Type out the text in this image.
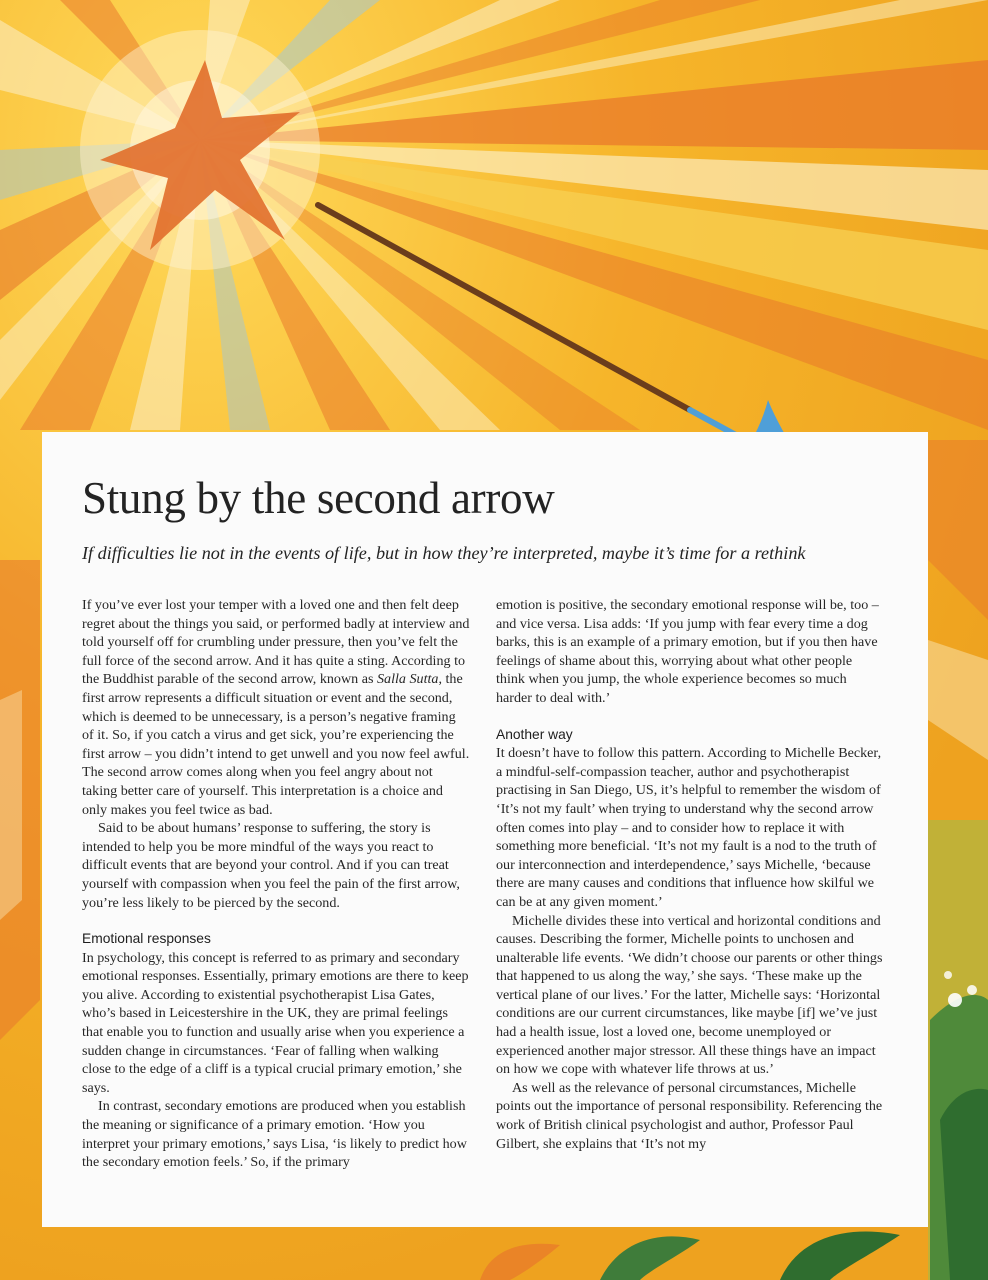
Stung by the second arrow

If difficulties lie not in the events of life, but in how they’re interpreted, maybe it’s time for a rethink

If you’ve ever lost your temper with a loved one and then felt deep regret about the things you said, or performed badly at interview and told yourself off for crumbling under pressure, then you’ve felt the full force of the second arrow. And it has quite a sting. According to the Buddhist parable of the second arrow, known as Salla Sutta, the first arrow represents a difficult situation or event and the second, which is deemed to be unnecessary, is a person’s negative framing of it. So, if you catch a virus and get sick, you’re experiencing the first arrow – you didn’t intend to get unwell and you now feel awful. The second arrow comes along when you feel angry about not taking better care of yourself. This interpretation is a choice and only makes you feel twice as bad.

Said to be about humans’ response to suffering, the story is intended to help you be more mindful of the ways you react to difficult events that are beyond your control. And if you can treat yourself with compassion when you feel the pain of the first arrow, you’re less likely to be pierced by the second.

Emotional responses

In psychology, this concept is referred to as primary and secondary emotional responses. Essentially, primary emotions are there to keep you alive. According to existential psychotherapist Lisa Gates, who’s based in Leicestershire in the UK, they are primal feelings that enable you to function and usually arise when you experience a sudden change in circumstances. ‘Fear of falling when walking close to the edge of a cliff is a typical crucial primary emotion,’ she says.

In contrast, secondary emotions are produced when you establish the meaning or significance of a primary emotion. ‘How you interpret your primary emotions,’ says Lisa, ‘is likely to predict how the secondary emotion feels.’ So, if the primary

emotion is positive, the secondary emotional response will be, too – and vice versa. Lisa adds: ‘If you jump with fear every time a dog barks, this is an example of a primary emotion, but if you then have feelings of shame about this, worrying about what other people think when you jump, the whole experience becomes so much harder to deal with.’

Another way

It doesn’t have to follow this pattern. According to Michelle Becker, a mindful-self-compassion teacher, author and psychotherapist practising in San Diego, US, it’s helpful to remember the wisdom of ‘It’s not my fault’ when trying to understand why the second arrow often comes into play – and to consider how to replace it with something more beneficial. ‘It’s not my fault is a nod to the truth of our interconnection and interdependence,’ says Michelle, ‘because there are many causes and conditions that influence how skilful we can be at any given moment.’

Michelle divides these into vertical and horizontal conditions and causes. Describing the former, Michelle points to unchosen and unalterable life events. ‘We didn’t choose our parents or other things that happened to us along the way,’ she says. ‘These make up the vertical plane of our lives.’ For the latter, Michelle says: ‘Horizontal conditions are our current circumstances, like maybe [if] we’ve just had a health issue, lost a loved one, become unemployed or experienced another major stressor. All these things have an impact on how we cope with whatever life throws at us.’

As well as the relevance of personal circumstances, Michelle points out the importance of personal responsibility. Referencing the work of British clinical psychologist and author, Professor Paul Gilbert, she explains that ‘It’s not my
